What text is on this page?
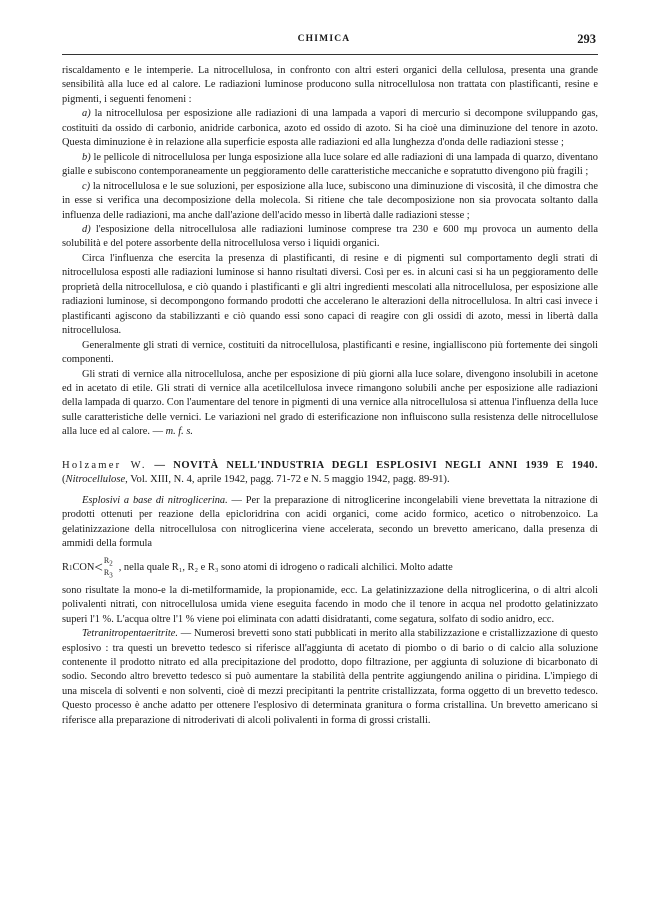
CHIMICA	293

riscaldamento e le intemperie. La nitrocellulosa, in confronto con altri esteri organici della cellulosa, presenta una grande sensibilità alla luce ed al calore. Le radiazioni luminose producono sulla nitrocellulosa non trattata con plastificanti, resine e pigmenti, i seguenti fenomeni :

a) la nitrocellulosa per esposizione alle radiazioni di una lampada a vapori di mercurio si decompone sviluppando gas, costituiti da ossido di carbonio, anidride carbonica, azoto ed ossido di azoto. Si ha cioè una diminuzione del tenore in azoto. Questa diminuzione è in relazione alla superficie esposta alle radiazioni ed alla lunghezza d'onda delle radiazioni stesse ;

b) le pellicole di nitrocellulosa per lunga esposizione alla luce solare ed alle radiazioni di una lampada di quarzo, diventano gialle e subiscono contemporaneamente un peggioramento delle caratteristiche meccaniche e sopratutto divengono più fragili ;

c) la nitrocellulosa e le sue soluzioni, per esposizione alla luce, subiscono una diminuzione di viscosità, il che dimostra che in esse si verifica una decomposizione della molecola. Si ritiene che tale decomposizione non sia provocata soltanto dalla influenza delle radiazioni, ma anche dall'azione dell'acido messo in libertà dalle radiazioni stesse ;

d) l'esposizione della nitrocellulosa alle radiazioni luminose comprese tra 230 e 600 mμ provoca un aumento della solubilità e del potere assorbente della nitrocellulosa verso i liquidi organici.

Circa l'influenza che esercita la presenza di plastificanti, di resine e di pigmenti sul comportamento degli strati di nitrocellulosa esposti alle radiazioni luminose si hanno risultati diversi. Così per es. in alcuni casi si ha un peggioramento delle proprietà della nitrocellulosa, e ciò quando i plastificanti e gli altri ingredienti mescolati alla nitrocellulosa, per esposizione alle radiazioni luminose, si decompongono formando prodotti che accelerano le alterazioni della nitrocellulosa. In altri casi invece i plastificanti agiscono da stabilizzanti e ciò quando essi sono capaci di reagire con gli ossidi di azoto, messi in libertà dalla nitrocellulosa.

Generalmente gli strati di vernice, costituiti da nitrocellulosa, plastificanti e resine, ingialliscono più fortemente dei singoli componenti.

Gli strati di vernice alla nitrocellulosa, anche per esposizione di più giorni alla luce solare, divengono insolubili in acetone ed in acetato di etile. Gli strati di vernice alla acetilcellulosa invece rimangono solubili anche per esposizione alle radiazioni della lampada di quarzo. Con l'aumentare del tenore in pigmenti di una vernice alla nitrocellulosa si attenua l'influenza della luce sulle caratteristiche delle vernici. Le variazioni nel grado di esterificazione non influiscono sulla resistenza delle nitrocellulose alla luce ed al calore. — m. f. s.

Holzamer W. — NOVITÀ NELL'INDUSTRIA DEGLI ESPLOSIVI NEGLI ANNI 1939 E 1940. (Nitrocellulose, Vol. XIII, N. 4, aprile 1942, pagg. 71-72 e N. 5 maggio 1942, pagg. 89-91).

Esplosivi a base di nitroglicerina. — Per la preparazione di nitroglicerine incongelabili viene brevettata la nitrazione di prodotti ottenuti per reazione della epicloridrina con acidi organici, come acido formico, acetico o nitrobenzoico. La gelatinizzazione della nitrocellulosa con nitroglicerina viene accelerata, secondo un brevetto americano, dalla presenza di ammidi della formula

R 1 CON <
$R_2$
$R_3$
, nella quale R₁, R₂ e R₃ sono atomi di idrogeno o radicali alchilici. Molto adatte

sono risultate la mono-e la di-metilformamide, la propionamide, ecc. La gelatinizzazione della nitroglicerina, o di altri alcoli polivalenti nitrati, con nitrocellulosa umida viene eseguita facendo in modo che il tenore in acqua nel prodotto gelatinizzato superi l'1 %. L'acqua oltre l'1 % viene poi eliminata con adatti disidratanti, come segatura, solfato di sodio anidro, ecc.

Tetranitropentaeritrite. — Numerosi brevetti sono stati pubblicati in merito alla stabilizzazione e cristallizzazione di questo esplosivo : tra questi un brevetto tedesco si riferisce all'aggiunta di acetato di piombo o di bario o di calcio alla soluzione contenente il prodotto nitrato ed alla precipitazione del prodotto, dopo filtrazione, per aggiunta di soluzione di bicarbonato di sodio. Secondo altro brevetto tedesco si può aumentare la stabilità della pentrite aggiungendo anilina o piridina. L'impiego di una miscela di solventi e non solventi, cioè di mezzi precipitanti la pentrite cristallizzata, forma oggetto di un brevetto tedesco. Questo processo è anche adatto per ottenere l'esplosivo di determinata granitura o forma cristallina. Un brevetto americano si riferisce alla preparazione di nitroderivati di alcoli polivalenti in forma di grossi cristalli.
